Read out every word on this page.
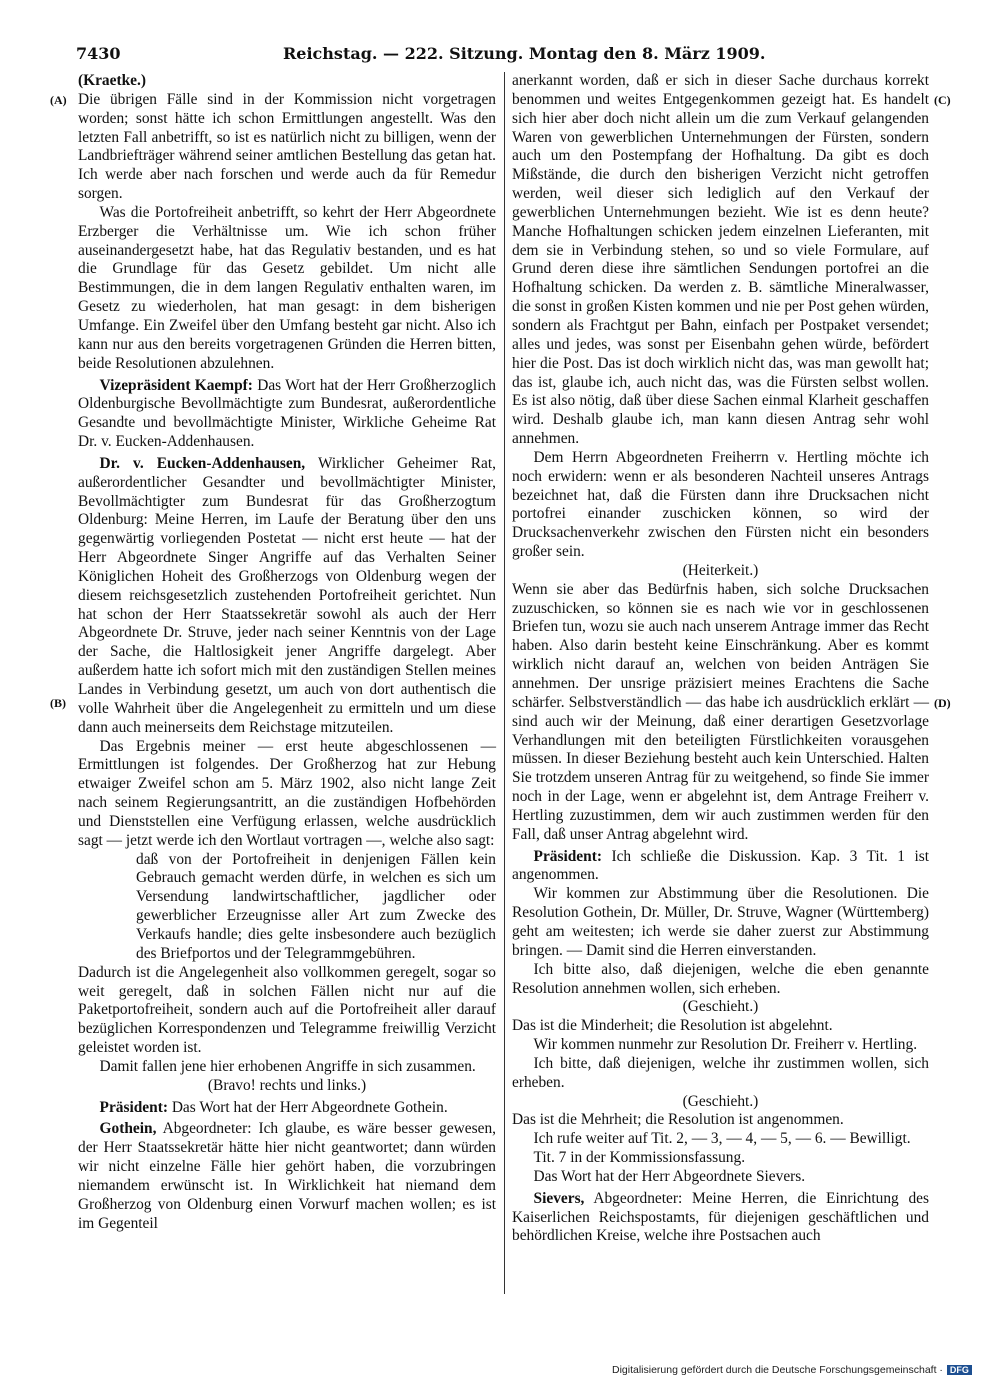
7430	Reichstag. — 222. Sitzung. Montag den 8. März 1909.
(A)
(B)
(C)
(D)

(Kraetke.)

Die übrigen Fälle sind in der Kommission nicht vorgetragen worden; sonst hätte ich schon Ermittlungen angestellt. Was den letzten Fall anbetrifft, so ist es natürlich nicht zu billigen, wenn der Landbriefträger während seiner amtlichen Bestellung das getan hat. Ich werde aber nach forschen und werde auch da für Remedur sorgen.

Was die Portofreiheit anbetrifft, so kehrt der Herr Abgeordnete Erzberger die Verhältnisse um. Wie ich schon früher auseinandergesetzt habe, hat das Regulativ bestanden, und es hat die Grundlage für das Gesetz gebildet. Um nicht alle Bestimmungen, die in dem langen Regulativ enthalten waren, im Gesetz zu wiederholen, hat man gesagt: in dem bisherigen Umfange. Ein Zweifel über den Umfang besteht gar nicht. Also ich kann nur aus den bereits vorgetragenen Gründen die Herren bitten, beide Resolutionen abzulehnen.

Vizepräsident Kaempf: Das Wort hat der Herr Großherzoglich Oldenburgische Bevollmächtigte zum Bundesrat, außerordentliche Gesandte und bevollmächtigte Minister, Wirkliche Geheime Rat Dr. v. Eucken-Addenhausen.

Dr. v. Eucken-Addenhausen, Wirklicher Geheimer Rat, außerordentlicher Gesandter und bevollmächtigter Minister, Bevollmächtigter zum Bundesrat für das Großherzogtum Oldenburg: Meine Herren, im Laufe der Beratung über den uns gegenwärtig vorliegenden Postetat — nicht erst heute — hat der Herr Abgeordnete Singer Angriffe auf das Verhalten Seiner Königlichen Hoheit des Großherzogs von Oldenburg wegen der diesem reichsgesetzlich zustehenden Portofreiheit gerichtet. Nun hat schon der Herr Staatssekretär sowohl als auch der Herr Abgeordnete Dr. Struve, jeder nach seiner Kenntnis von der Lage der Sache, die Haltlosigkeit jener Angriffe dargelegt. Aber außerdem hatte ich sofort mich mit den zuständigen Stellen meines Landes in Verbindung gesetzt, um auch von dort authentisch die volle Wahrheit über die Angelegenheit zu ermitteln und um diese dann auch meinerseits dem Reichstage mitzuteilen.

Das Ergebnis meiner — erst heute abgeschlossenen — Ermittlungen ist folgendes. Der Großherzog hat zur Hebung etwaiger Zweifel schon am 5. März 1902, also nicht lange Zeit nach seinem Regierungsantritt, an die zuständigen Hofbehörden und Dienststellen eine Verfügung erlassen, welche ausdrücklich sagt — jetzt werde ich den Wortlaut vortragen —, welche also sagt:

daß von der Portofreiheit in denjenigen Fällen kein Gebrauch gemacht werden dürfe, in welchen es sich um Versendung landwirtschaftlicher, jagdlicher oder gewerblicher Erzeugnisse aller Art zum Zwecke des Verkaufs handle; dies gelte insbesondere auch bezüglich des Briefportos und der Telegrammgebühren.

Dadurch ist die Angelegenheit also vollkommen geregelt, sogar so weit geregelt, daß in solchen Fällen nicht nur auf die Paketportofreiheit, sondern auch auf die Portofreiheit aller darauf bezüglichen Korrespondenzen und Telegramme freiwillig Verzicht geleistet worden ist.

Damit fallen jene hier erhobenen Angriffe in sich zusammen.

(Bravo! rechts und links.)

Präsident: Das Wort hat der Herr Abgeordnete Gothein.

Gothein, Abgeordneter: Ich glaube, es wäre besser gewesen, der Herr Staatssekretär hätte hier nicht geantwortet; dann würden wir nicht einzelne Fälle hier gehört haben, die vorzubringen niemandem erwünscht ist. In Wirklichkeit hat niemand dem Großherzog von Oldenburg einen Vorwurf machen wollen; es ist im Gegenteil

anerkannt worden, daß er sich in dieser Sache durchaus korrekt benommen und weites Entgegenkommen gezeigt hat. Es handelt sich hier aber doch nicht allein um die zum Verkauf gelangenden Waren von gewerblichen Unternehmungen der Fürsten, sondern auch um den Postempfang der Hofhaltung. Da gibt es doch Mißstände, die durch den bisherigen Verzicht nicht getroffen werden, weil dieser sich lediglich auf den Verkauf der gewerblichen Unternehmungen bezieht. Wie ist es denn heute? Manche Hofhaltungen schicken jedem einzelnen Lieferanten, mit dem sie in Verbindung stehen, so und so viele Formulare, auf Grund deren diese ihre sämtlichen Sendungen portofrei an die Hofhaltung schicken. Da werden z. B. sämtliche Mineralwasser, die sonst in großen Kisten kommen und nie per Post gehen würden, sondern als Frachtgut per Bahn, einfach per Postpaket versendet; alles und jedes, was sonst per Eisenbahn gehen würde, befördert hier die Post. Das ist doch wirklich nicht das, was man gewollt hat; das ist, glaube ich, auch nicht das, was die Fürsten selbst wollen. Es ist also nötig, daß über diese Sachen einmal Klarheit geschaffen wird. Deshalb glaube ich, man kann diesen Antrag sehr wohl annehmen.

Dem Herrn Abgeordneten Freiherrn v. Hertling möchte ich noch erwidern: wenn er als besonderen Nachteil unseres Antrags bezeichnet hat, daß die Fürsten dann ihre Drucksachen nicht portofrei einander zuschicken können, so wird der Drucksachenverkehr zwischen den Fürsten nicht ein besonders großer sein.

(Heiterkeit.)

Wenn sie aber das Bedürfnis haben, sich solche Drucksachen zuzuschicken, so können sie es nach wie vor in geschlossenen Briefen tun, wozu sie auch nach unserem Antrage immer das Recht haben. Also darin besteht keine Einschränkung. Aber es kommt wirklich nicht darauf an, welchen von beiden Anträgen Sie annehmen. Der unsrige präzisiert meines Erachtens die Sache schärfer. Selbstverständlich — das habe ich ausdrücklich erklärt — sind auch wir der Meinung, daß einer derartigen Gesetzvorlage Verhandlungen mit den beteiligten Fürstlichkeiten vorausgehen müssen. In dieser Beziehung besteht auch kein Unterschied. Halten Sie trotzdem unseren Antrag für zu weitgehend, so finde Sie immer noch in der Lage, wenn er abgelehnt ist, dem Antrage Freiherr v. Hertling zuzustimmen, dem wir auch zustimmen werden für den Fall, daß unser Antrag abgelehnt wird.

Präsident: Ich schließe die Diskussion. Kap. 3 Tit. 1 ist angenommen.

Wir kommen zur Abstimmung über die Resolutionen. Die Resolution Gothein, Dr. Müller, Dr. Struve, Wagner (Württemberg) geht am weitesten; ich werde sie daher zuerst zur Abstimmung bringen. — Damit sind die Herren einverstanden.

Ich bitte also, daß diejenigen, welche die eben genannte Resolution annehmen wollen, sich erheben.

(Geschieht.)

Das ist die Minderheit; die Resolution ist abgelehnt.

Wir kommen nunmehr zur Resolution Dr. Freiherr v. Hertling.

Ich bitte, daß diejenigen, welche ihr zustimmen wollen, sich erheben.

(Geschieht.)

Das ist die Mehrheit; die Resolution ist angenommen.

Ich rufe weiter auf Tit. 2, — 3, — 4, — 5, — 6. — Bewilligt.

Tit. 7 in der Kommissionsfassung.

Das Wort hat der Herr Abgeordnete Sievers.

Sievers, Abgeordneter: Meine Herren, die Einrichtung des Kaiserlichen Reichspostamts, für diejenigen geschäftlichen und behördlichen Kreise, welche ihre Postsachen auch

Digitalisierung gefördert durch die Deutsche Forschungsgemeinschaft · DFG
